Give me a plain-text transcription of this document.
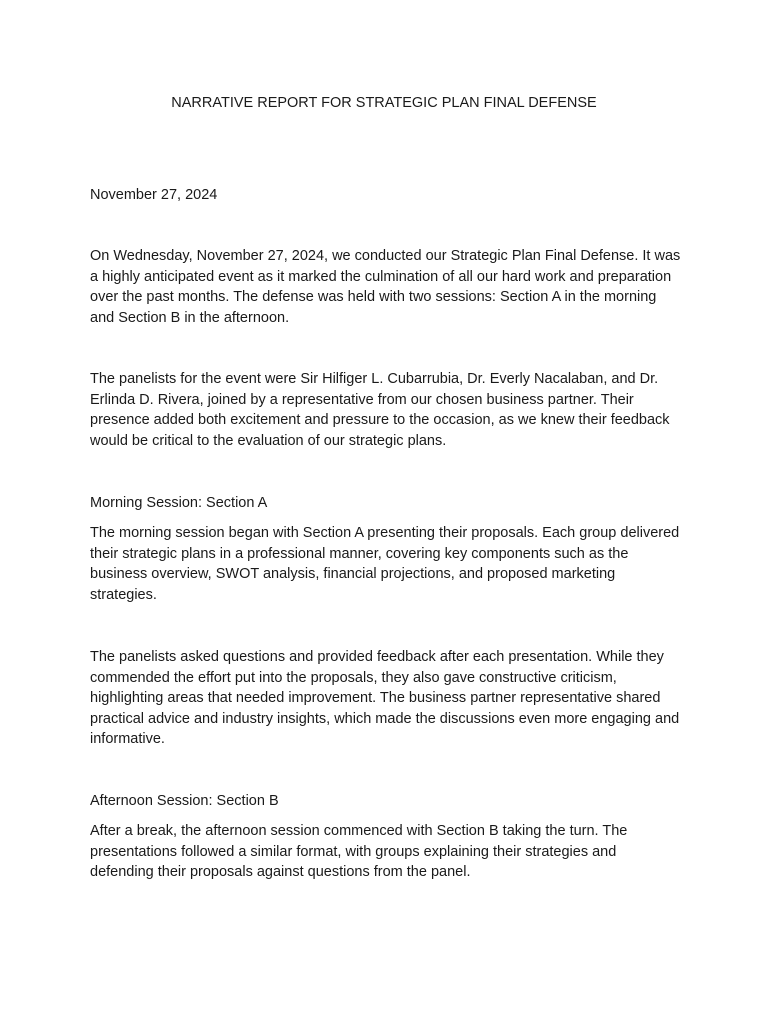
NARRATIVE REPORT FOR STRATEGIC PLAN FINAL DEFENSE

November 27, 2024

On Wednesday, November 27, 2024, we conducted our Strategic Plan Final Defense. It was a highly anticipated event as it marked the culmination of all our hard work and preparation over the past months. The defense was held with two sessions: Section A in the morning and Section B in the afternoon.

The panelists for the event were Sir Hilfiger L. Cubarrubia, Dr. Everly Nacalaban, and Dr. Erlinda D. Rivera, joined by a representative from our chosen business partner. Their presence added both excitement and pressure to the occasion, as we knew their feedback would be critical to the evaluation of our strategic plans.

Morning Session: Section A

The morning session began with Section A presenting their proposals. Each group delivered their strategic plans in a professional manner, covering key components such as the business overview, SWOT analysis, financial projections, and proposed marketing strategies.

The panelists asked questions and provided feedback after each presentation. While they commended the effort put into the proposals, they also gave constructive criticism, highlighting areas that needed improvement. The business partner representative shared practical advice and industry insights, which made the discussions even more engaging and informative.

Afternoon Session: Section B

After a break, the afternoon session commenced with Section B taking the turn. The presentations followed a similar format, with groups explaining their strategies and defending their proposals against questions from the panel.
